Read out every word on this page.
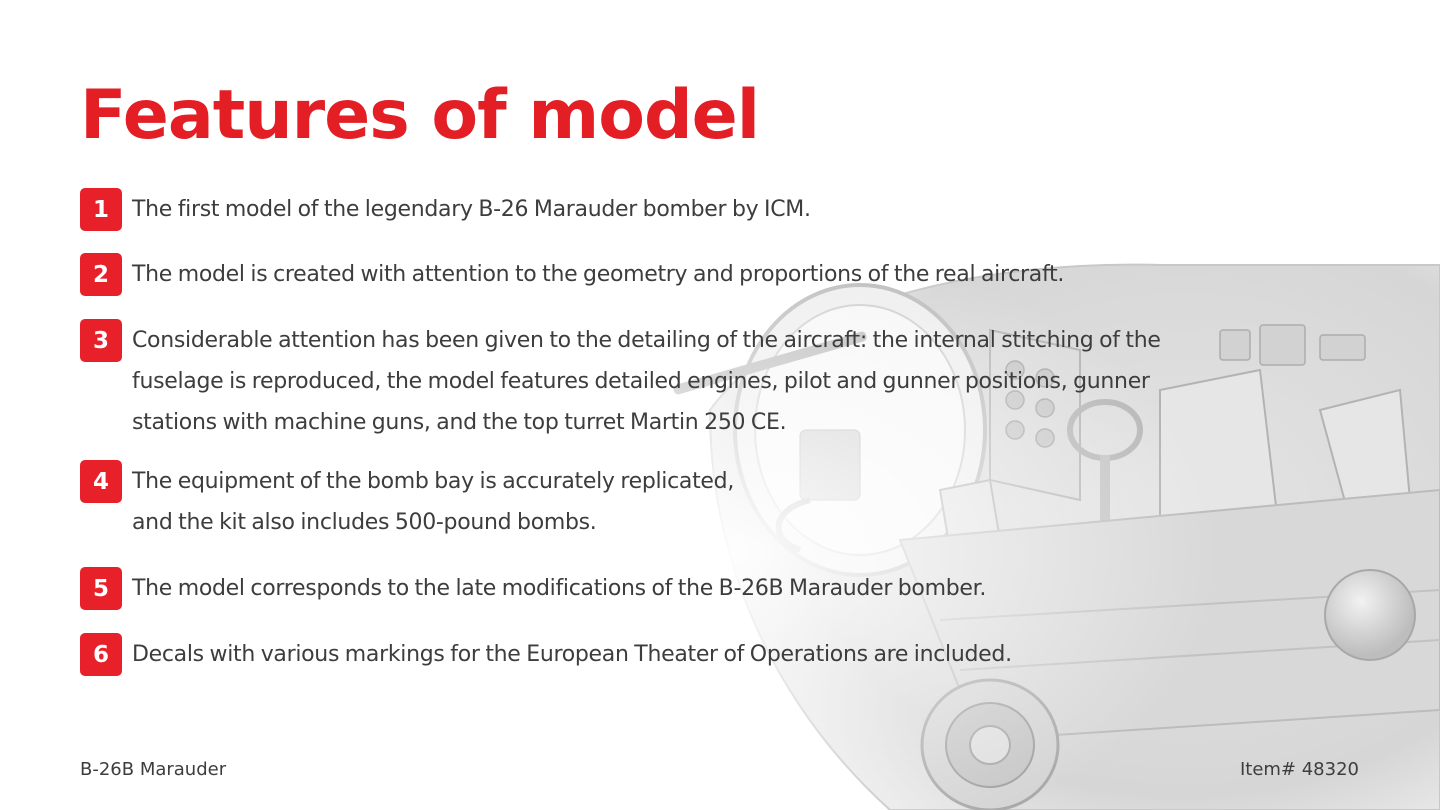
Features of model
1	The first model of the legendary B-26 Marauder bomber by ICM.
2	The model is created with attention to the geometry and proportions of the real aircraft.
3	Considerable attention has been given to the detailing of the aircraft: the internal stitching of the
fuselage is reproduced, the model features detailed engines, pilot and gunner positions, gunner
stations with machine guns, and the top turret Martin 250 CE.
4	The equipment of the bomb bay is accurately replicated,
and the kit also includes 500-pound bombs.
5	The model corresponds to the late modifications of the B-26B Marauder bomber.
6	Decals with various markings for the European Theater of Operations are included.
B-26B Marauder	Item# 48320
